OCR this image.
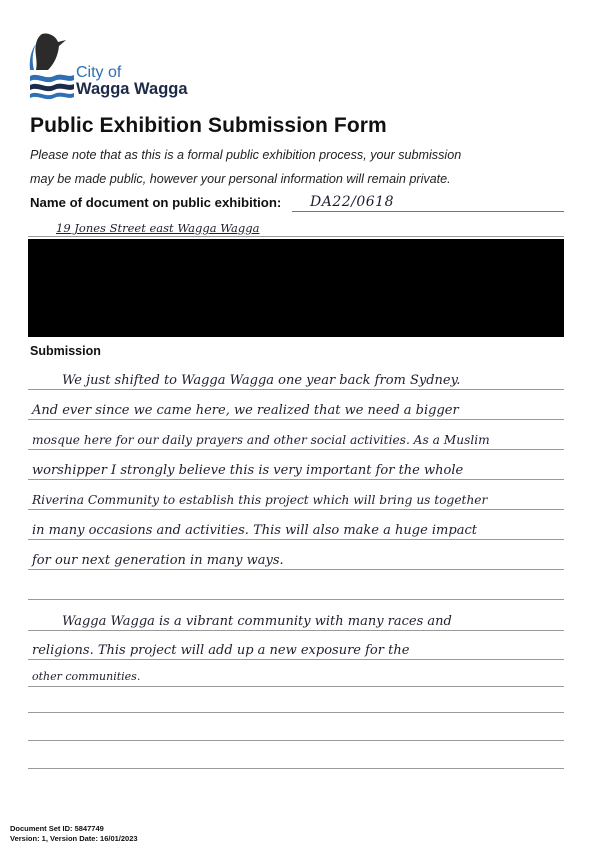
City of
Wagga Wagga
Public Exhibition Submission Form
Please note that as this is a formal public exhibition process, your submission
may be made public, however your personal information will remain private.
Name of document on public exhibition: DA22/0618
19 Jones Street east Wagga Wagga
Submission
We just shifted to Wagga Wagga one year back from Sydney.
And ever since we came here, we realized that we need a bigger
mosque here for our daily prayers and other social activities. As a Muslim
worshipper I strongly believe this is very important for the whole
Riverina Community to establish this project which will bring us together
in many occasions and activities. This will also make a huge impact
for our next generation in many ways.
Wagga Wagga is a vibrant community with many races and
religions. This project will add up a new exposure for the
other communities.
Document Set ID: 5847749
Version: 1, Version Date: 16/01/2023
